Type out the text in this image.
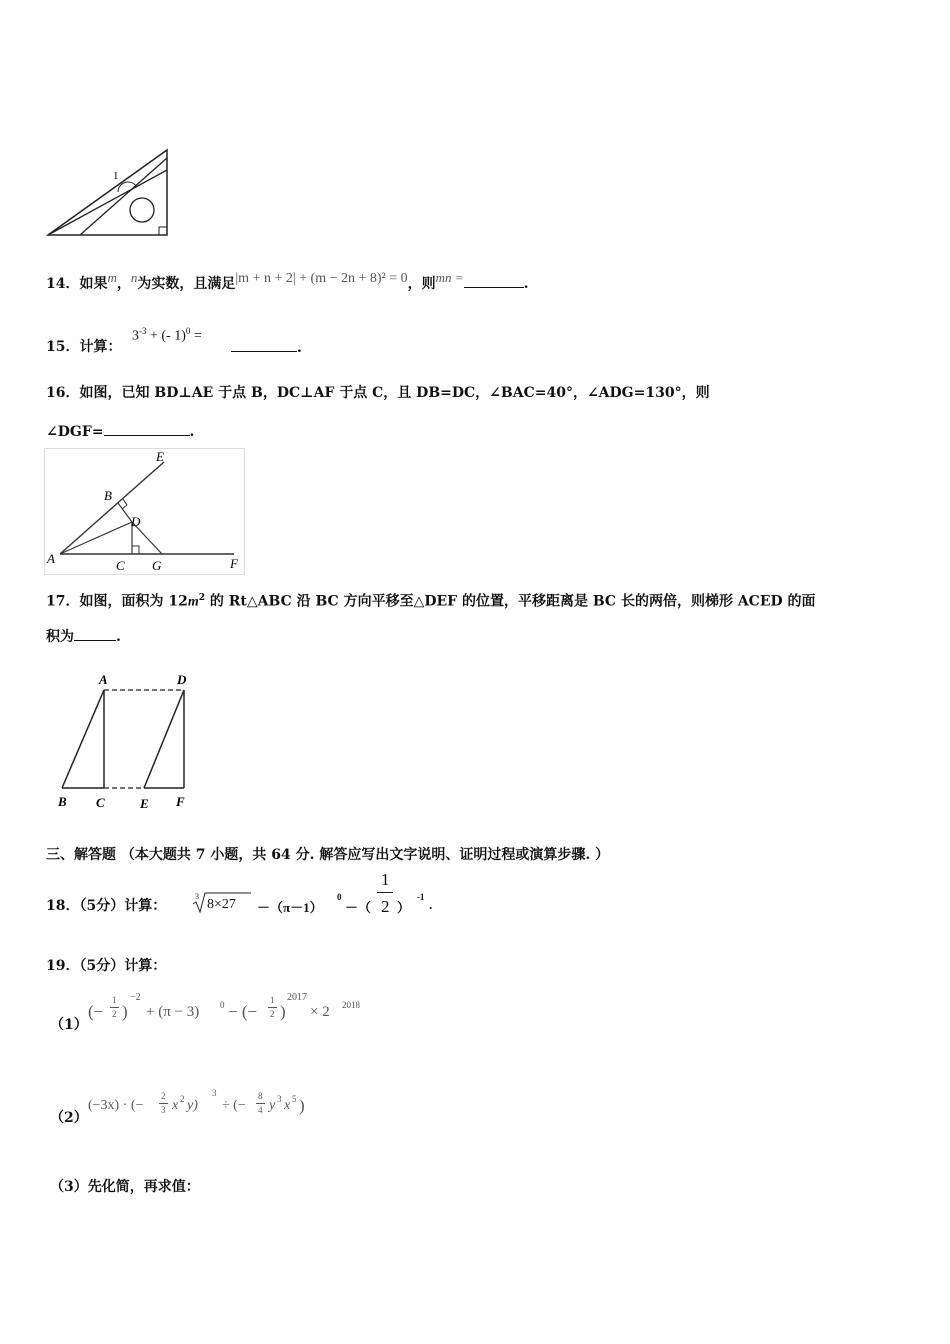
1
14．如果m，n为实数，且满足|m + n + 2| + (m − 2n + 8)² = 0，则mn =	.
15．计算：
$3^{-3}$ + (- 1)$^0$ =
.
16．如图，已知 BD⊥AE 于点 B，DC⊥AF 于点 C，且 DB=DC，∠BAC=40°，∠ADG=130°，则
∠DGF=	.
E
B
D
A	C G	F
17．如图，面积为 $12m^2$ 的 Rt△ABC 沿 BC 方向平移至△DEF 的位置，平移距离是 BC 长的两倍，则梯形 ACED 的面
积为	.
A	D
B C	E F
三、解答题 （本大题共 7 小题，共 64 分. 解答应写出文字说明、证明过程或演算步骤. ）
18．（5分）计算：
3
8×27 －（π－1）
0
－（
1
2 ）
-1 .
19．（5分）计算：
（1）
(−
1
2 )
−2
+ (π − 3) 0 − (−
1
2 )
2017
× 2 2018
（2）
(−3x) · (−
2
3 x 2 y)
3
÷ (−
8
4 y 3 x 5 )
（3）先化简，再求值：
